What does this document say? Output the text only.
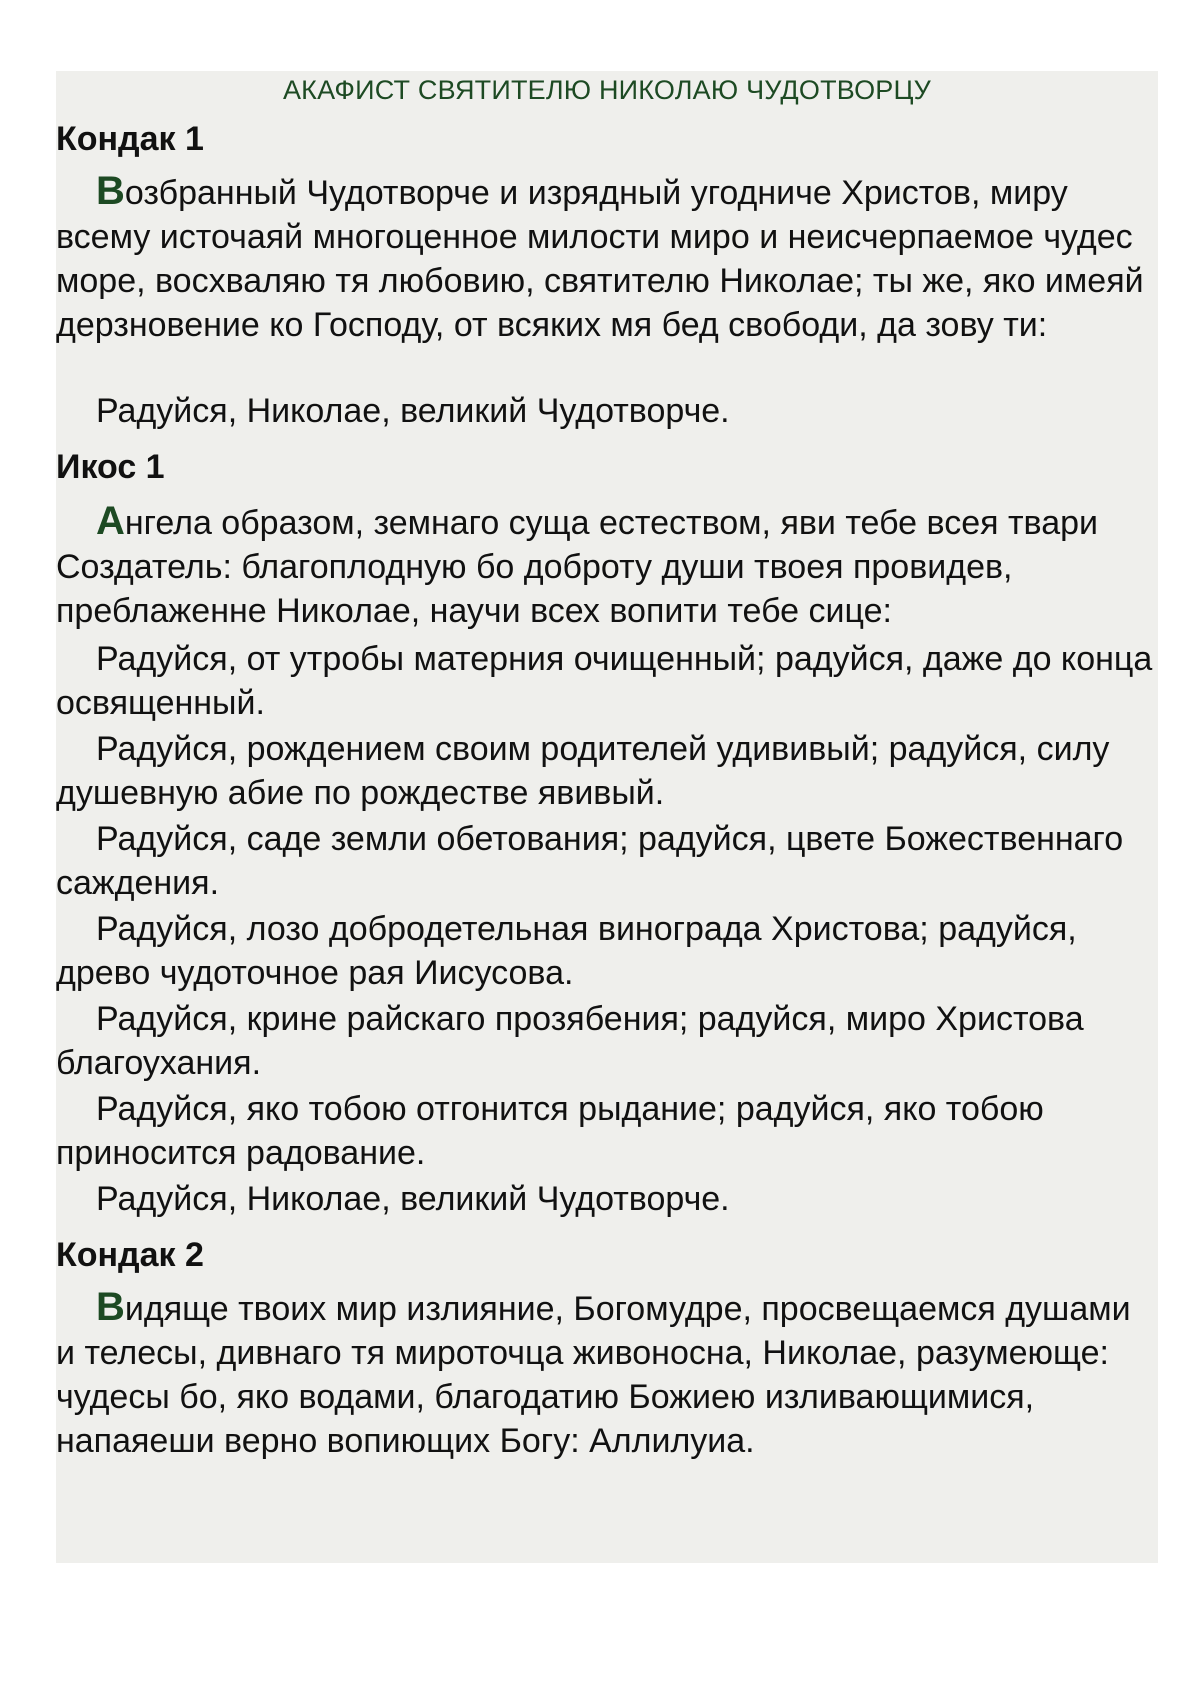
АКАФИСТ СВЯТИТЕЛЮ НИКОЛАЮ ЧУДОТВОРЦУ
Кондак 1

Возбранный Чудотворче и изрядный угодниче Христов, миру всему источаяй многоценное милости миро и неисчерпаемое чудес море, восхваляю тя любовию, святителю Николае; ты же, яко имеяй дерзновение ко Господу, от всяких мя бед свободи, да зову ти:

Радуйся, Николае, великий Чудотворче.

Икос 1

Ангела образом, земнаго суща естеством, яви тебе всея твари Создатель: благоплодную бо доброту души твоея провидев, преблаженне Николае, научи всех вопити тебе сице:

Радуйся, от утробы матерния очищенный; радуйся, даже до конца освященный.

Радуйся, рождением своим родителей удививый; радуйся, силу душевную абие по рождестве явивый.

Радуйся, саде земли обетования; радуйся, цвете Божественнаго саждения.

Радуйся, лозо добродетельная винограда Христова; радуйся, древо чудоточное рая Иисусова.

Радуйся, крине райскаго прозябения; радуйся, миро Христова благоухания.

Радуйся, яко тобою отгонится рыдание; радуйся, яко тобою приносится радование.

Радуйся, Николае, великий Чудотворче.

Кондак 2

Видяще твоих мир излияние, Богомудре, просвещаемся душами и телесы, дивнаго тя мироточца живоносна, Николае, разумеюще: чудесы бо, яко водами, благодатию Божиею изливающимися, напаяеши верно вопиющих Богу: Аллилуиа.
